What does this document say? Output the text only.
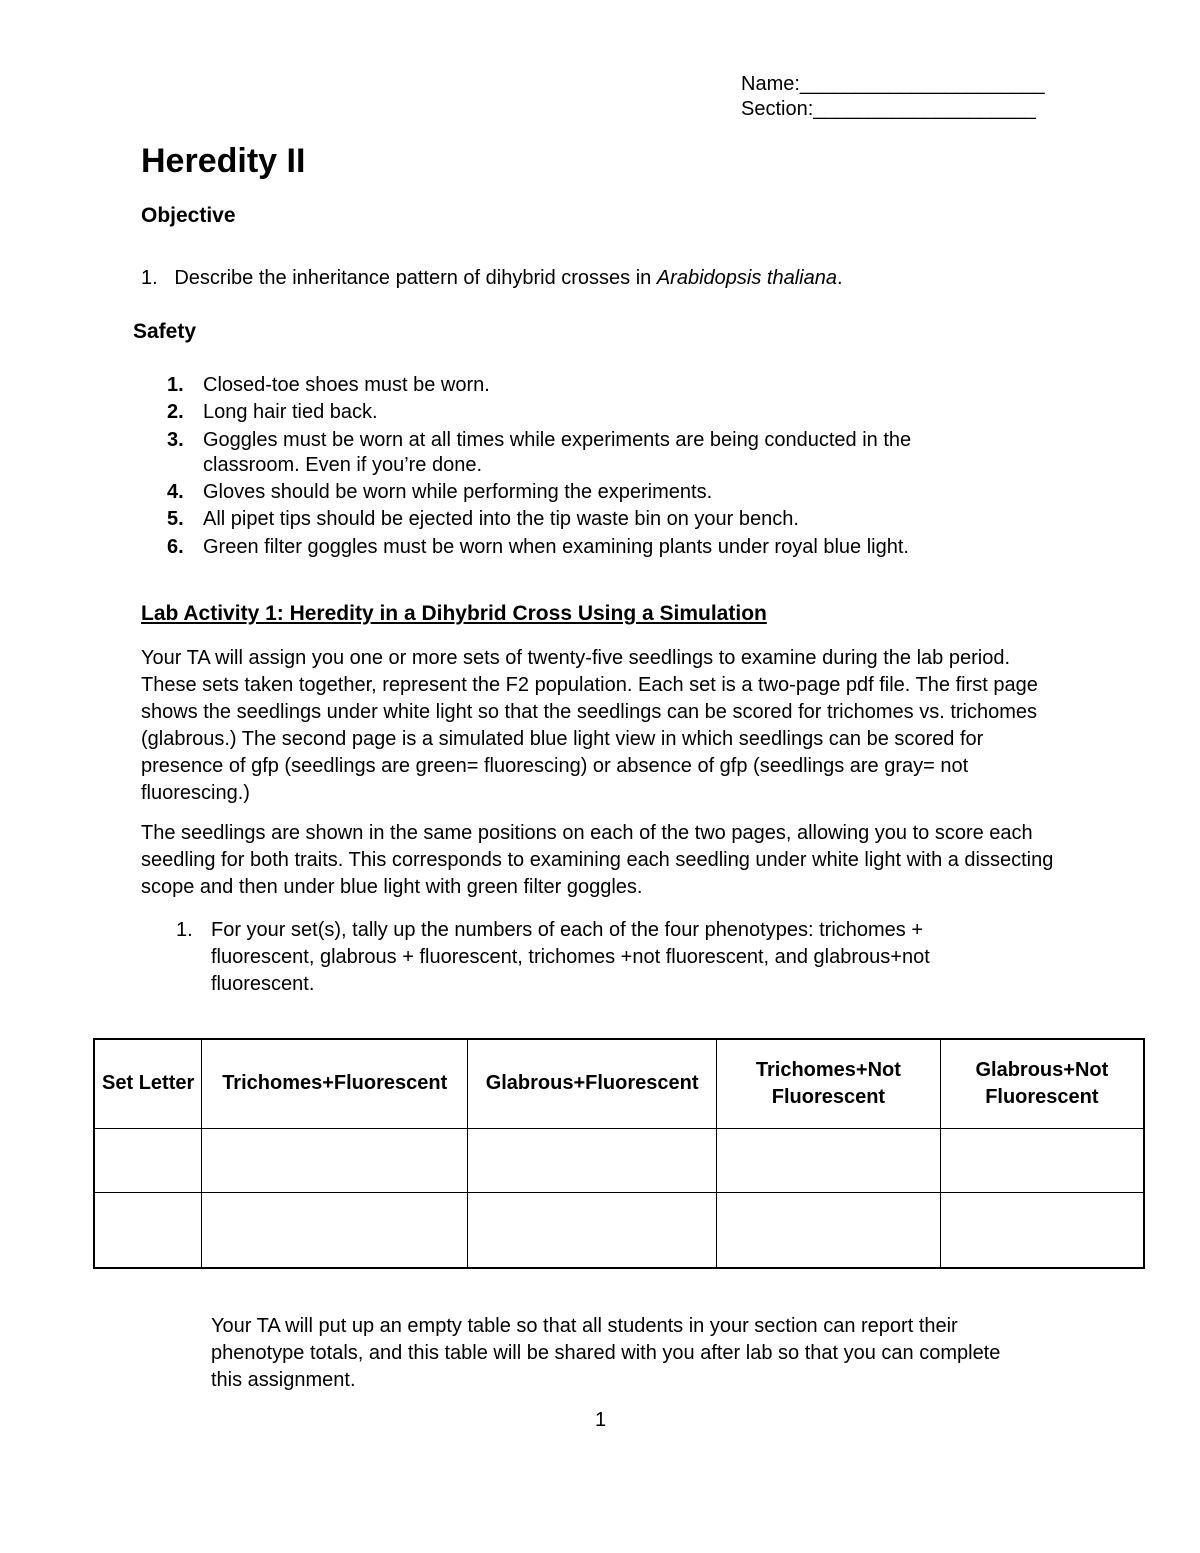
Name:______________________
Section:____________________
Heredity II
Objective
1. Describe the inheritance pattern of dihybrid crosses in Arabidopsis thaliana.
Safety
1. Closed-toe shoes must be worn.
2. Long hair tied back.
3. Goggles must be worn at all times while experiments are being conducted in the classroom. Even if you’re done.
4. Gloves should be worn while performing the experiments.
5. All pipet tips should be ejected into the tip waste bin on your bench.
6. Green filter goggles must be worn when examining plants under royal blue light.
Lab Activity 1: Heredity in a Dihybrid Cross Using a Simulation
Your TA will assign you one or more sets of twenty-five seedlings to examine during the lab period. These sets taken together, represent the F2 population. Each set is a two-page pdf file. The first page shows the seedlings under white light so that the seedlings can be scored for trichomes vs. trichomes (glabrous.) The second page is a simulated blue light view in which seedlings can be scored for presence of gfp (seedlings are green= fluorescing) or absence of gfp (seedlings are gray= not fluorescing.)
The seedlings are shown in the same positions on each of the two pages, allowing you to score each seedling for both traits. This corresponds to examining each seedling under white light with a dissecting scope and then under blue light with green filter goggles.
1. For your set(s), tally up the numbers of each of the four phenotypes: trichomes + fluorescent, glabrous + fluorescent, trichomes +not fluorescent, and glabrous+not fluorescent.
Set Letter	Trichomes+Fluorescent	Glabrous+Fluorescent	Trichomes+Not Fluorescent	Glabrous+Not Fluorescent

Your TA will put up an empty table so that all students in your section can report their phenotype totals, and this table will be shared with you after lab so that you can complete this assignment.
1
